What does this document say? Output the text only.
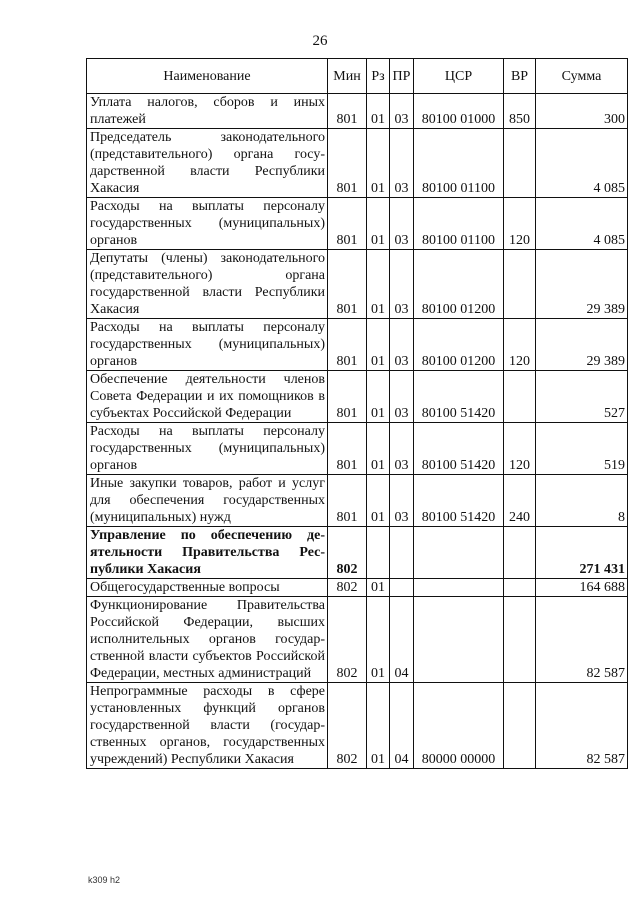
26
Наименование	Мин	Рз	ПР	ЦСР	ВР	Сумма
Уплата налогов, сборов и иных платежей	801	01	03	80100 01000	850	300
Председатель законодательного (представительного) органа государственной власти Республики Хакасия	801	01	03	80100 01100		4 085
Расходы на выплаты персоналу государственных (муниципальных) органов	801	01	03	80100 01100	120	4 085
Депутаты (члены) законодательного (представительного) органа государственной власти Республики Хакасия	801	01	03	80100 01200		29 389
Расходы на выплаты персоналу государственных (муниципальных) органов	801	01	03	80100 01200	120	29 389
Обеспечение деятельности членов Совета Федерации и их помощников в субъектах Российской Федерации	801	01	03	80100 51420		527
Расходы на выплаты персоналу государственных (муниципальных) органов	801	01	03	80100 51420	120	519
Иные закупки товаров, работ и услуг для обеспечения государственных (муниципальных) нужд	801	01	03	80100 51420	240	8
Управление по обеспечению деятельности Правительства Республики Хакасия	802					271 431
Общегосударственные вопросы	802	01				164 688
Функционирование Правительства Российской Федерации, высших исполнительных органов государственной власти субъектов Российской Федерации, местных администраций	802	01	04			82 587
Непрограммные расходы в сфере установленных функций органов государственной власти (государственных органов, государственных учреждений) Республики Хакасия	802	01	04	80000 00000		82 587
k309 h2
